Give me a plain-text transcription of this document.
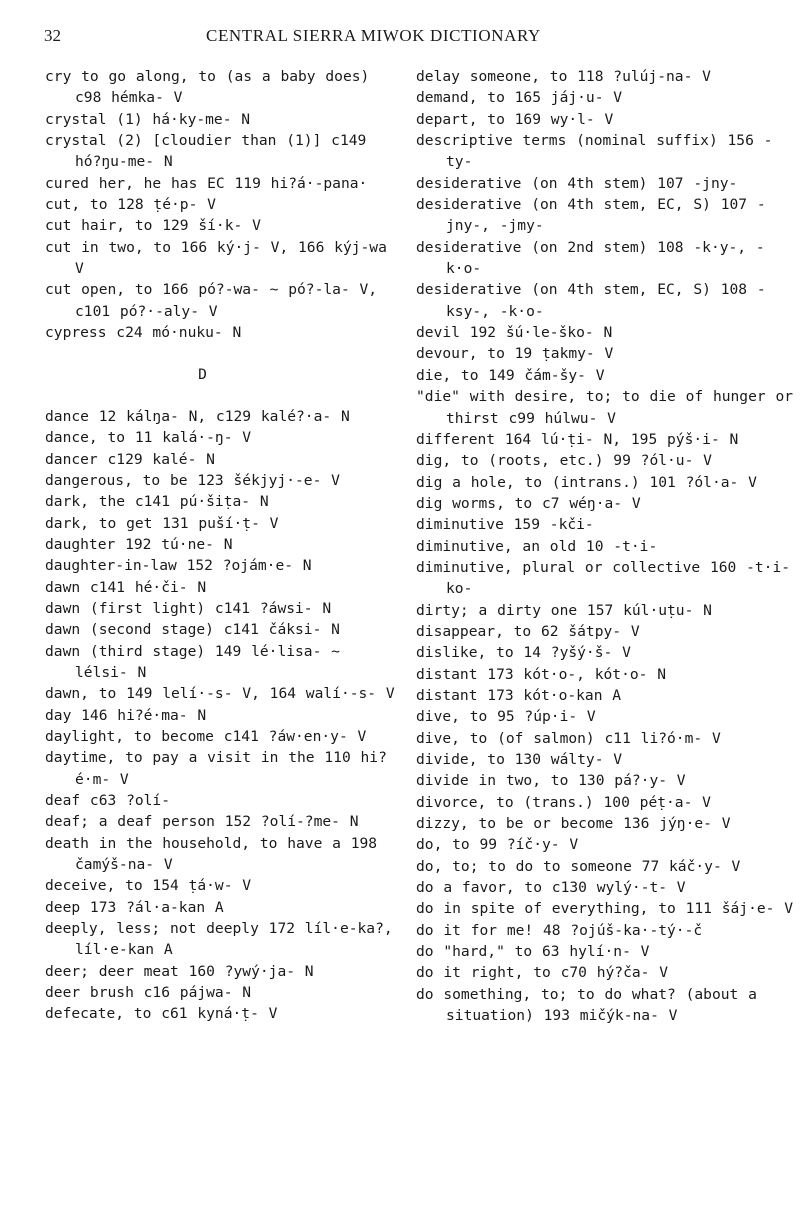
32	CENTRAL SIERRA MIWOK DICTIONARY
cry to go along, to (as a baby does) c98 hémka- V
crystal (1) há·ky-me- N
crystal (2) [cloudier than (1)] c149 hó?ŋu-me- N
cured her, he has EC 119 hi?á·-pana·
cut, to 128 ṭé·p- V
cut hair, to 129 ší·k- V
cut in two, to 166 ký·j- V, 166 kýj-wa V
cut open, to 166 pó?-wa- ~ pó?-la- V, c101 pó?·-aly- V
cypress c24 mó·nuku- N
D
dance 12 kálŋa- N, c129 kalé?·a- N
dance, to 11 kalá·-ŋ- V
dancer c129 kalé- N
dangerous, to be 123 šékjyj·-e- V
dark, the c141 pú·šiṭa- N
dark, to get 131 puší·ṭ- V
daughter 192 tú·ne- N
daughter-in-law 152 ?ojám·e- N
dawn c141 hé·či- N
dawn (first light) c141 ?áwsi- N
dawn (second stage) c141 čáksi- N
dawn (third stage) 149 lé·lisa- ~ lélsi- N
dawn, to 149 lelí·-s- V, 164 walí·-s- V
day 146 hi?é·ma- N
daylight, to become c141 ?áw·en·y- V
daytime, to pay a visit in the 110 hi?é·m- V
deaf c63 ?olí-
deaf; a deaf person 152 ?olí-?me- N
death in the household, to have a 198 čamýš-na- V
deceive, to 154 ṭá·w- V
deep 173 ?ál·a-kan A
deeply, less; not deeply 172 líl·e-ka?, líl·e-kan A
deer; deer meat 160 ?ywý·ja- N
deer brush c16 pájwa- N
defecate, to c61 kyná·ṭ- V
delay someone, to 118 ?ulúj-na- V
demand, to 165 jáj·u- V
depart, to 169 wy·l- V
descriptive terms (nominal suffix) 156 -ty-
desiderative (on 4th stem) 107 -jny-
desiderative (on 4th stem, EC, S) 107 -jny-, -jmy-
desiderative (on 2nd stem) 108 -k·y-, -k·o-
desiderative (on 4th stem, EC, S) 108 -ksy-, -k·o-
devil 192 šú·le-ško- N
devour, to 19 ṭakmy- V
die, to 149 čám-šy- V
"die" with desire, to; to die of hunger or thirst c99 húlwu- V
different 164 lú·ṭi- N, 195 pýš·i- N
dig, to (roots, etc.) 99 ?ól·u- V
dig a hole, to (intrans.) 101 ?ól·a- V
dig worms, to c7 wéŋ·a- V
diminutive 159 -kči-
diminutive, an old 10 -t·i-
diminutive, plural or collective 160 -t·i-ko-
dirty; a dirty one 157 kúl·uṭu- N
disappear, to 62 šátpy- V
dislike, to 14 ?yšý·š- V
distant 173 kót·o-, kót·o- N
distant 173 kót·o-kan A
dive, to 95 ?úp·i- V
dive, to (of salmon) c11 li?ó·m- V
divide, to 130 wálty- V
divide in two, to 130 pá?·y- V
divorce, to (trans.) 100 péṭ·a- V
dizzy, to be or become 136 jýŋ·e- V
do, to 99 ?íč·y- V
do, to; to do to someone 77 káč·y- V
do a favor, to c130 wylý·-t- V
do in spite of everything, to 111 šáj·e- V
do it for me! 48 ?ojúš-ka·-tý·-č
do "hard," to 63 hylí·n- V
do it right, to c70 hý?ča- V
do something, to; to do what? (about a situation) 193 mičýk-na- V
